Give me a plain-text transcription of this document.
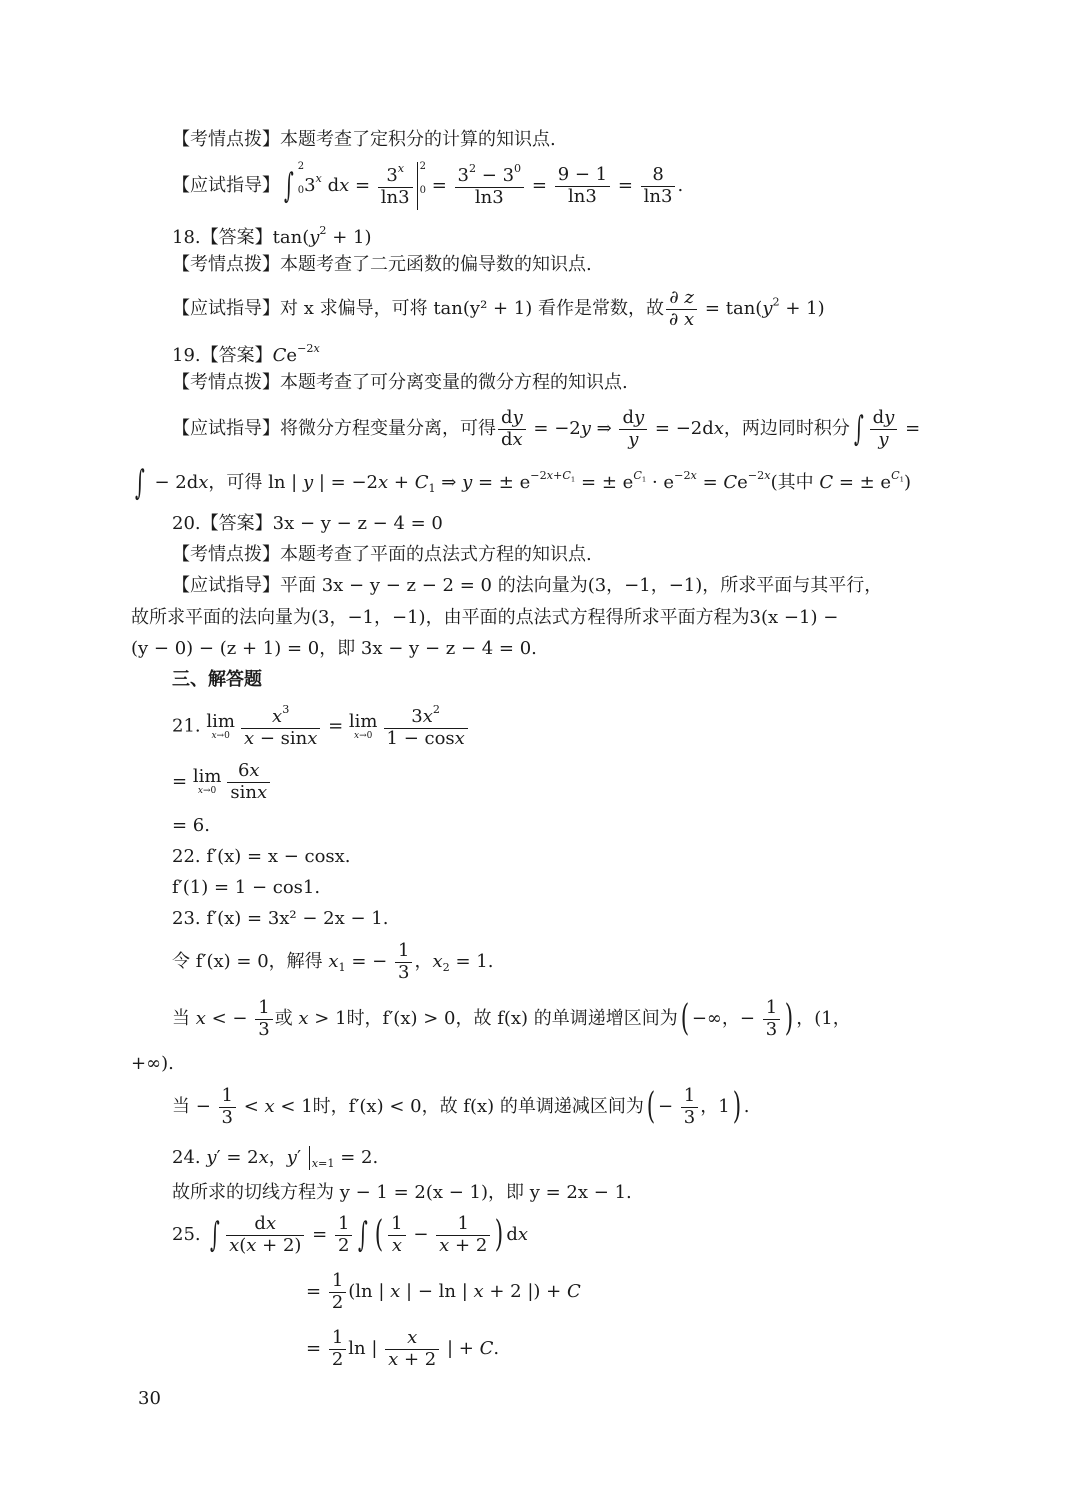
【考情点拨】本题考查了定积分的计算的知识点.
【应试指导】 ∫ 2
0 3$^x$ dx = $\frac{3^x}{\ln 3} 2$
$0 = \frac{3^2 - 3^0}{\ln 3} = \frac{9 - 1}{\ln 3} = \frac{8}{\ln 3}$ .
18.【答案】$\tan(y^2 + 1)$
【考情点拨】本题考查了二元函数的偏导数的知识点.
【应试指导】对 x 求偏导，可将 tan(y² + 1) 看作是常数，故 $\frac{\partial z}{\partial x} = \tan(y^2 + 1)$
19.【答案】$Ce^{-2x}$
【考情点拨】本题考查了可分离变量的微分方程的知识点.
【应试指导】将微分方程变量分离，可得 $\frac{dy}{dx} = -2y$ ⇒ $\frac{dy}{y} = -2dx$，两边同时积分 ∫ $\frac{dy}{y}$ =
∫ − 2dx，可得 ln | y | = $-2x + C_1$ ⇒ y = ± $e^{-2x+C_1}$ = ± $e^{C_1} \cdot e^{-2x} = Ce^{-2x}$(其中 C = ± $e^{C_1}$)
20.【答案】3x − y − z − 4 = 0
【考情点拨】本题考查了平面的点法式方程的知识点.
【应试指导】平面 3x − y − z − 2 = 0 的法向量为(3，−1，−1)，所求平面与其平行，
故所求平面的法向量为(3，−1，−1)，由平面的点法式方程得所求平面方程为3(x −1) −
(y − 0) − (z + 1) = 0，即 3x − y − z − 4 = 0.
三、解答题
21. lim
$x\to 0 \frac{x^3}{x - \sin x} = \lim$
$x\to 0 \frac{3x^2}{1 - \cos x}$
= lim
$x\to 0 \frac{6x}{\sin x}$
= 6.
22. f′(x) = x − cosx.
f′(1) = 1 − cos1.
23. f′(x) = 3x² − 2x − 1.
令 f′(x) = 0，解得 $x_1$ = − $\frac{1}{3}$ ，$x_2 = 1$.
当 x < − $\frac{1}{3}$ 或 x > 1时，f′(x) > 0，故 f(x) 的单调递增区间为( −∞，− $\frac{1}{3}$ ) ，(1，
+∞).
当 − $\frac{1}{3} < x < 1$时，f′(x) < 0，故 f(x) 的单调递减区间为( − $\frac{1}{3}$ ，1) .
24. y′ = 2x，y′ $_{x=1}$ = 2.
故所求的切线方程为 y − 1 = 2(x − 1)，即 y = 2x − 1.
25. ∫ $\frac{dx}{x(x + 2)} = \frac{1}{2}$ ∫ ( $\frac{1}{x} - \frac{1}{x + 2}$ ) dx
= $\frac{1}{2} (\ln$ | x | − ln | x + 2 |) + C
= $\frac{1}{2}$ ln | $\frac{x}{x + 2}$ | + C.
30
